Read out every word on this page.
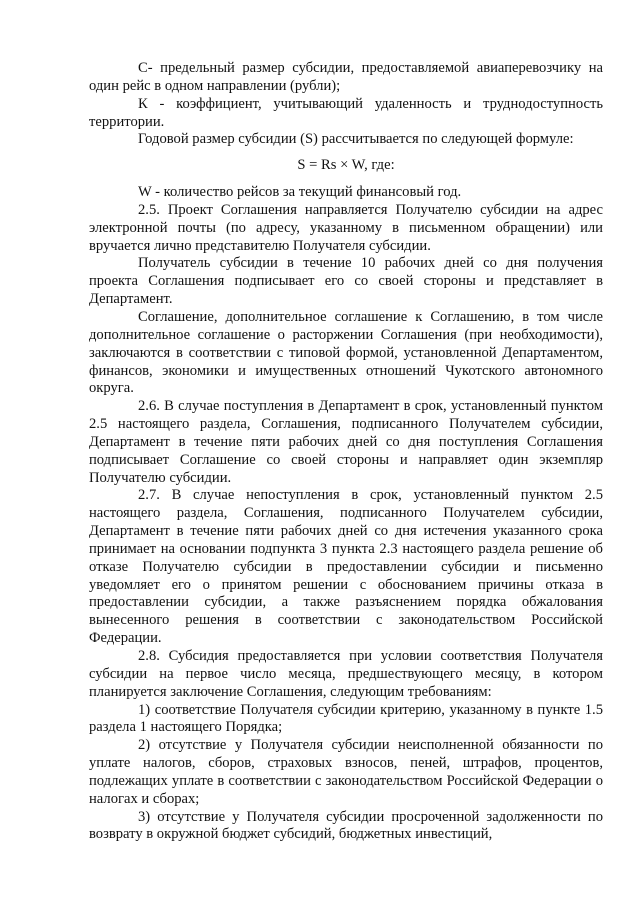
С- предельный размер субсидии, предоставляемой авиаперевозчику на один рейс в одном направлении (рубли);

К - коэффициент, учитывающий удаленность и труднодоступность территории.

Годовой размер субсидии (S) рассчитывается по следующей формуле:

S = Rs × W, где:

W - количество рейсов за текущий финансовый год.

2.5. Проект Соглашения направляется Получателю субсидии на адрес электронной почты (по адресу, указанному в письменном обращении) или вручается лично представителю Получателя субсидии.

Получатель субсидии в течение 10 рабочих дней со дня получения проекта Соглашения подписывает его со своей стороны и представляет в Департамент.

Соглашение, дополнительное соглашение к Соглашению, в том числе дополнительное соглашение о расторжении Соглашения (при необходимости), заключаются в соответствии с типовой формой, установленной Департаментом, финансов, экономики и имущественных отношений Чукотского автономного округа.

2.6. В случае поступления в Департамент в срок, установленный пунктом 2.5 настоящего раздела, Соглашения, подписанного Получателем субсидии, Департамент в течение пяти рабочих дней со дня поступления Соглашения подписывает Соглашение со своей стороны и направляет один экземпляр Получателю субсидии.

2.7. В случае непоступления в срок, установленный пунктом 2.5 настоящего раздела, Соглашения, подписанного Получателем субсидии, Департамент в течение пяти рабочих дней со дня истечения указанного срока принимает на основании подпункта 3 пункта 2.3 настоящего раздела решение об отказе Получателю субсидии в предоставлении субсидии и письменно уведомляет его о принятом решении с обоснованием причины отказа в предоставлении субсидии, а также разъяснением порядка обжалования вынесенного решения в соответствии с законодательством Российской Федерации.

2.8. Субсидия предоставляется при условии соответствия Получателя субсидии на первое число месяца, предшествующего месяцу, в котором планируется заключение Соглашения, следующим требованиям:

1) соответствие Получателя субсидии критерию, указанному в пункте 1.5 раздела 1 настоящего Порядка;

2) отсутствие у Получателя субсидии неисполненной обязанности по уплате налогов, сборов, страховых взносов, пеней, штрафов, процентов, подлежащих уплате в соответствии с законодательством Российской Федерации о налогах и сборах;

3) отсутствие у Получателя субсидии просроченной задолженности по возврату в окружной бюджет субсидий, бюджетных инвестиций,
